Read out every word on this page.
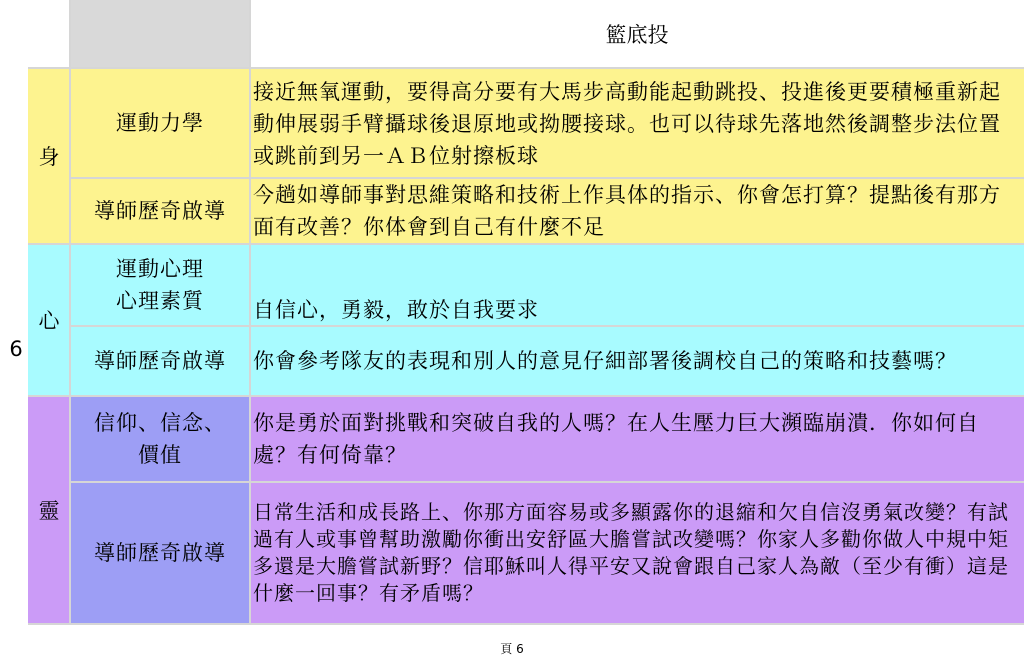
籃底投
身
心
靈
6
運動力學
接近無氧運動，要得高分要有大馬步高動能起動跳投、投進後更要積極重新起動伸展弱手臂攝球後退原地或拗腰接球。也可以待球先落地然後調整步法位置或跳前到另一ＡＢ位射擦板球
導師歷奇啟導
今趟如導師事對思維策略和技術上作具体的指示、你會怎打算？提點後有那方面有改善？你体會到自己有什麼不足
運動心理
心理素質	自信心，勇毅，敢於自我要求
導師歷奇啟導	你會參考隊友的表現和別人的意見仔細部署後調校自己的策略和技藝嗎？
信仰、信念、
價值
你是勇於面對挑戰和突破自我的人嗎？在人生壓力巨大瀕臨崩潰．你如何自處？有何倚靠？
導師歷奇啟導
日常生活和成長路上、你那方面容易或多顯露你的退縮和欠自信沒勇氣改變？有試過有人或事曾幫助激勵你衝出安舒區大膽嘗試改變嗎？你家人多勸你做人中規中矩多還是大膽嘗試新野？信耶穌叫人得平安又說會跟自己家人為敵（至少有衝）這是什麼一回事？有矛盾嗎？
頁 6
